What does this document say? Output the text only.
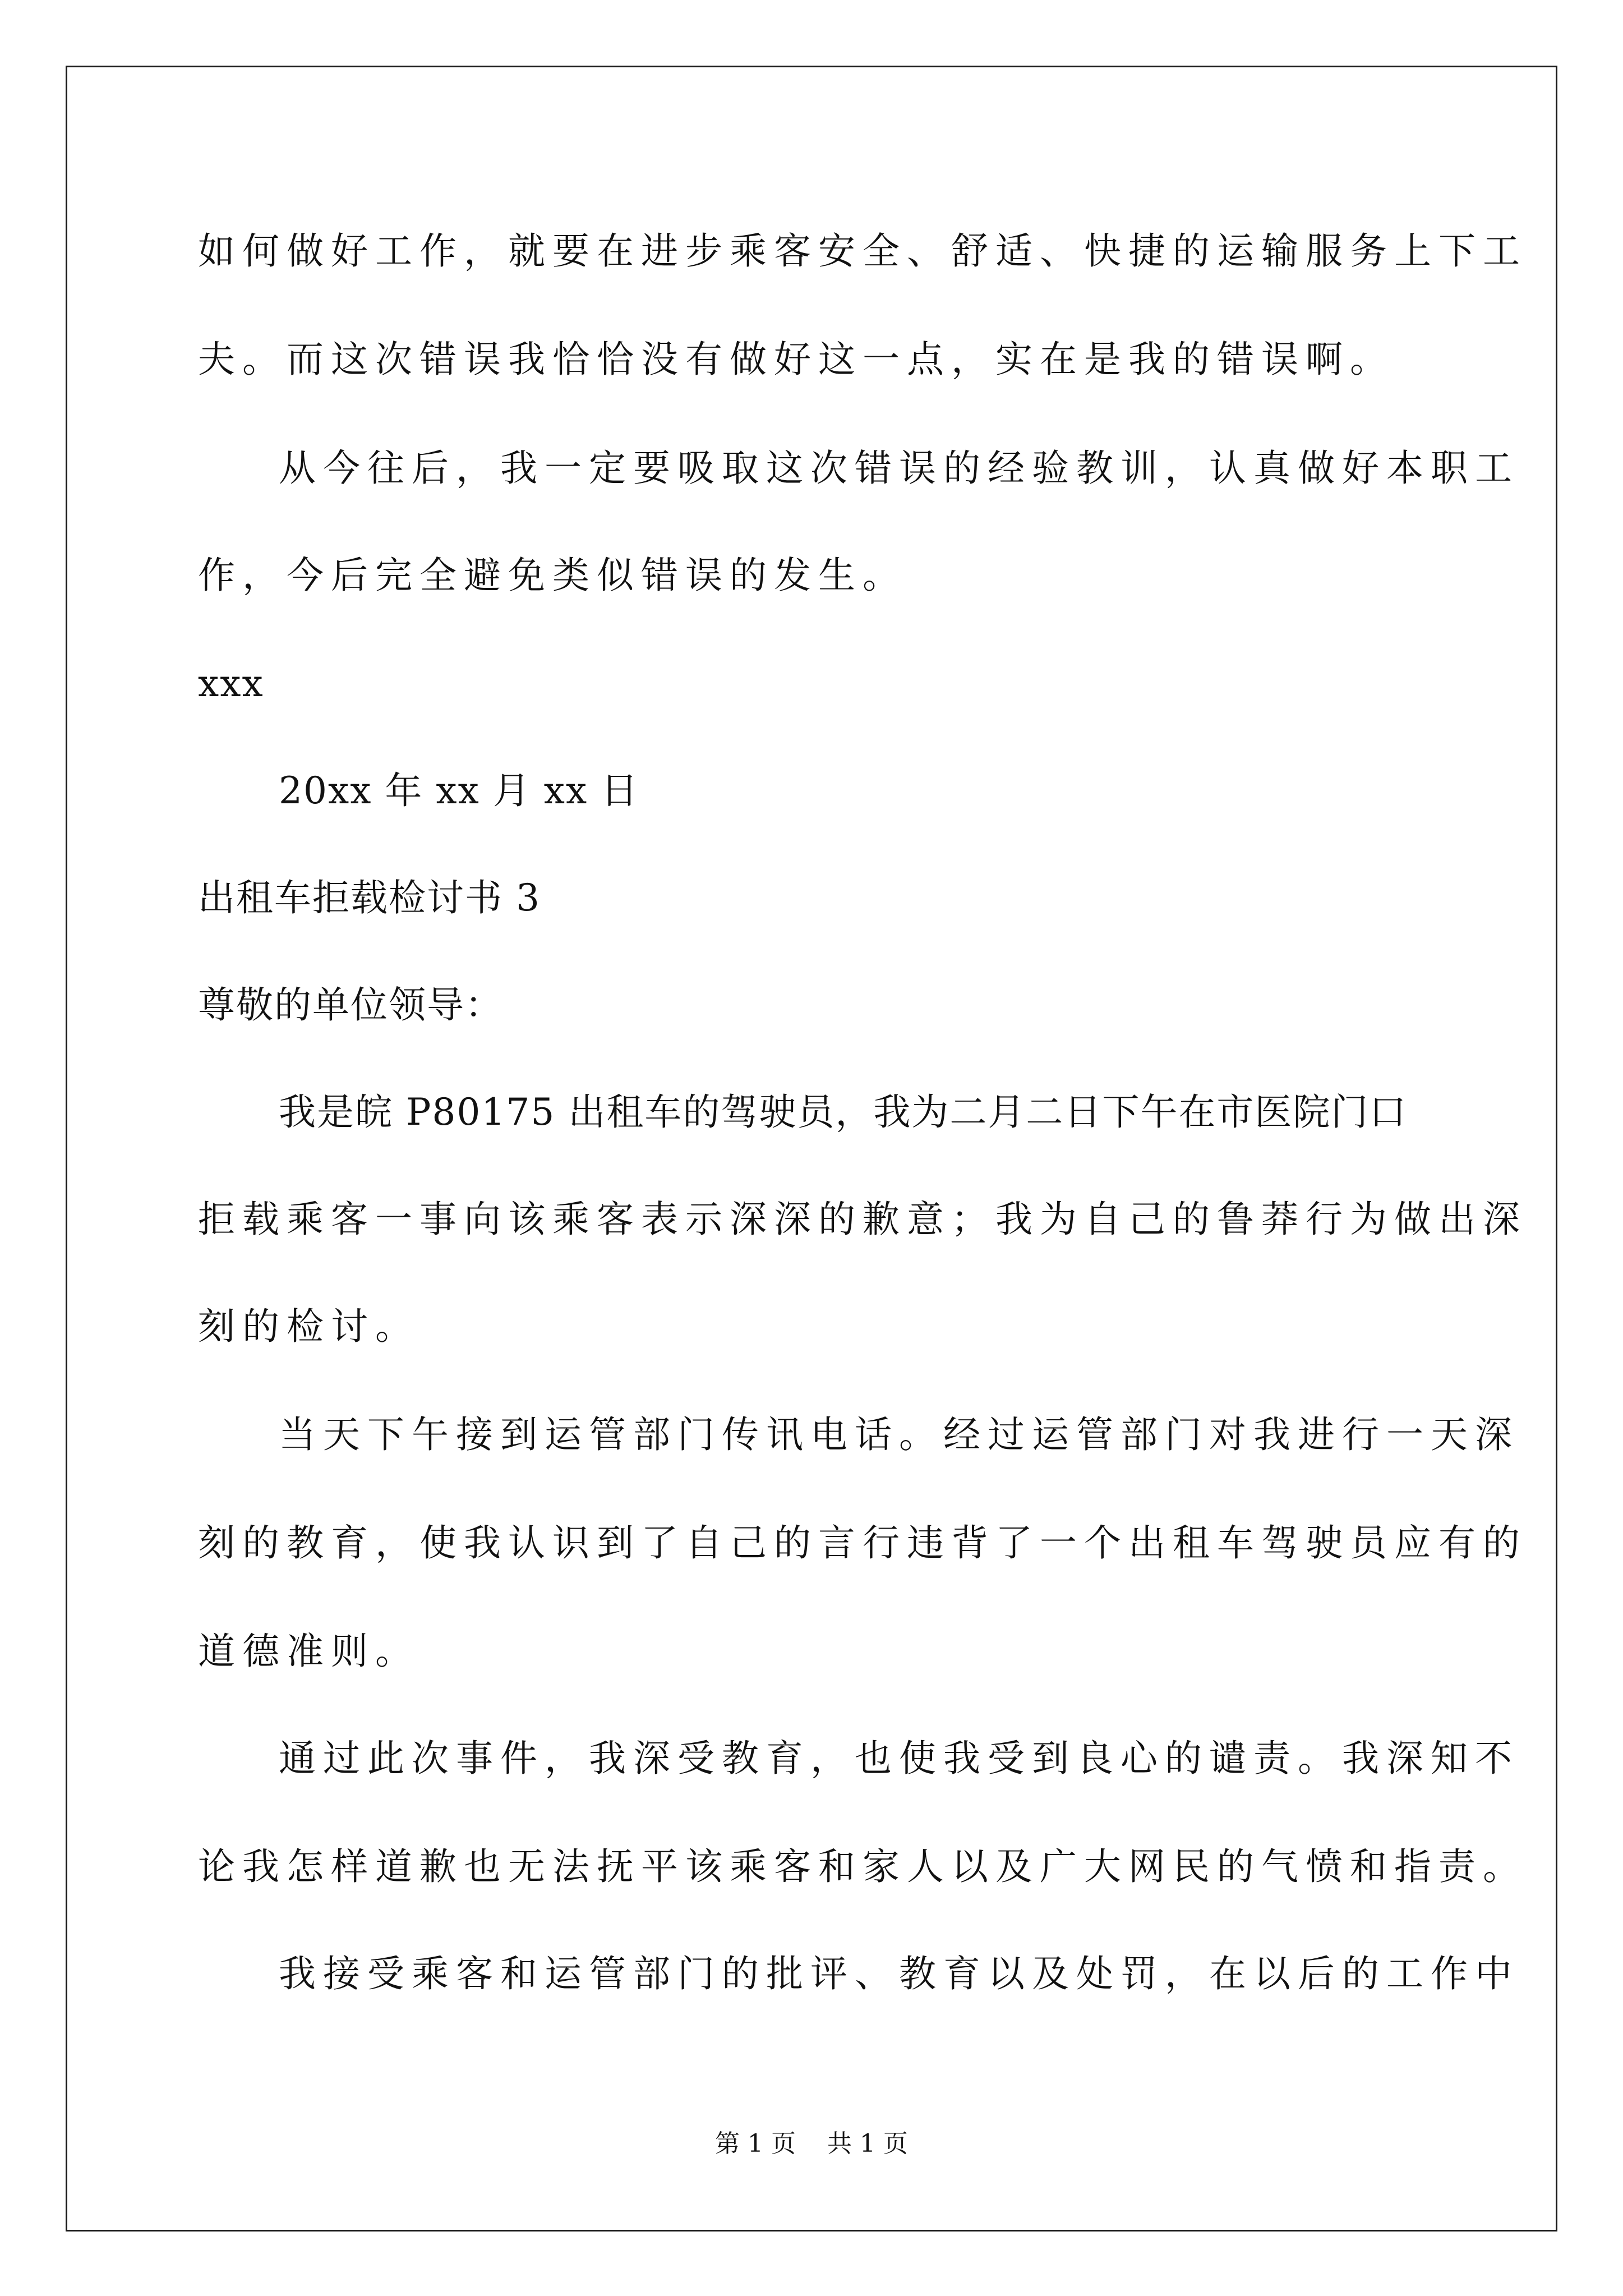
如何做好工作，就要在进步乘客安全、舒适、快捷的运输服务上下工
夫。而这次错误我恰恰没有做好这一点，实在是我的错误啊。
从今往后，我一定要吸取这次错误的经验教训，认真做好本职工
作，今后完全避免类似错误的发生。
xxx
20xx 年 xx 月 xx 日
出租车拒载检讨书 3
尊敬的单位领导：
我是皖 P80175 出租车的驾驶员，我为二月二日下午在市医院门口
拒载乘客一事向该乘客表示深深的歉意；我为自己的鲁莽行为做出深
刻的检讨。
当天下午接到运管部门传讯电话。经过运管部门对我进行一天深
刻的教育，使我认识到了自己的言行违背了一个出租车驾驶员应有的
道德准则。
通过此次事件，我深受教育，也使我受到良心的谴责。我深知不
论我怎样道歉也无法抚平该乘客和家人以及广大网民的气愤和指责。
我接受乘客和运管部门的批评、教育以及处罚，在以后的工作中
第 1 页    共 1 页
